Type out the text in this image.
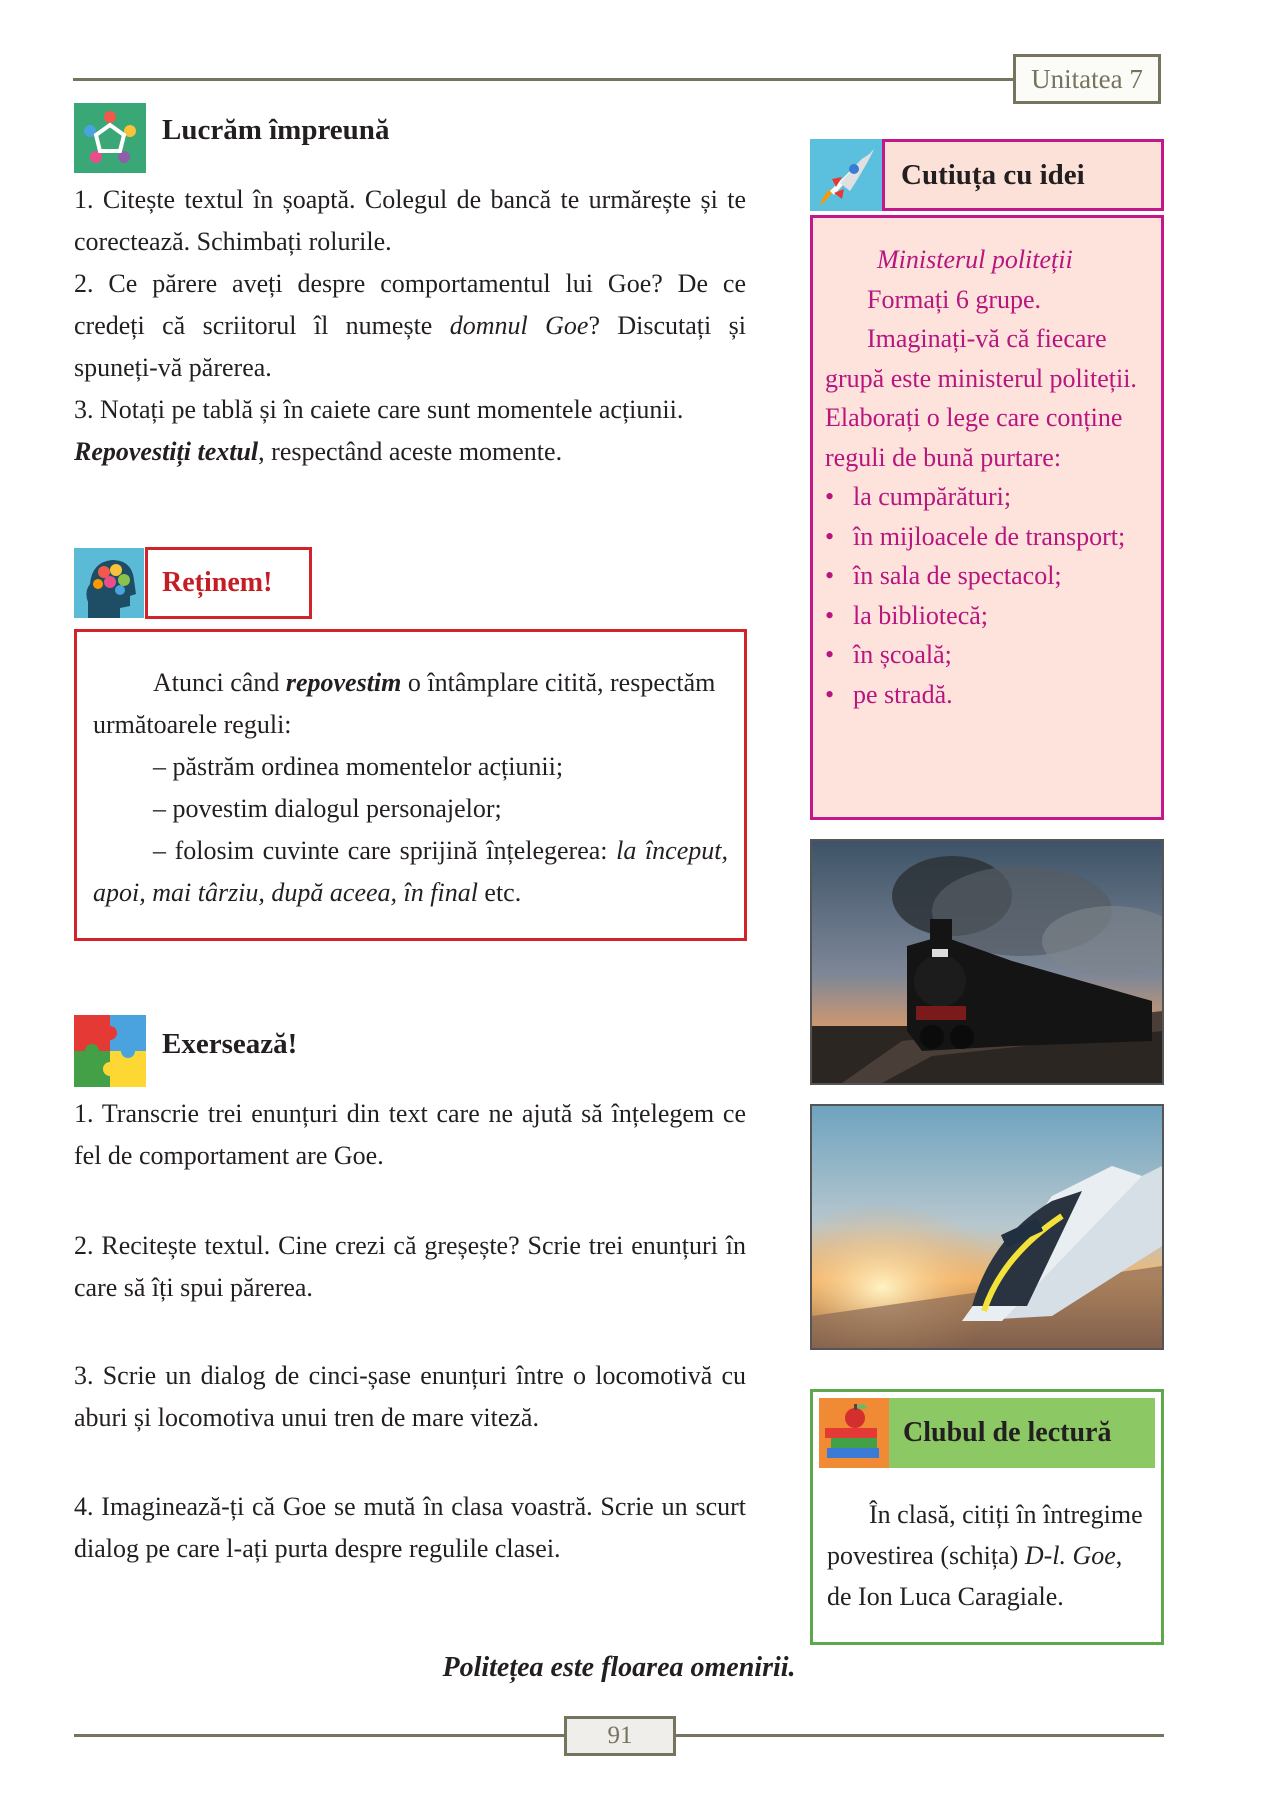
Unitatea 7
Lucrăm împreună

1. Citește textul în șoaptă. Colegul de bancă te urmărește și te corectează. Schimbați rolurile.

2. Ce părere aveți despre comportamentul lui Goe? De ce credeți că scriitorul îl numește domnul Goe? Discutați și spuneți-vă părerea.

3. Notați pe tablă și în caiete care sunt momentele acțiunii.

Repovestiți textul, respectând aceste momente.

Reținem!
Atunci când repovestim o întâmplare citită, respectăm următoarele reguli:
– păstrăm ordinea momentelor acțiunii;
– povestim dialogul personajelor;
– folosim cuvinte care sprijină înțelegerea: la început, apoi, mai târziu, după aceea, în final etc.
Exersează!
1. Transcrie trei enunțuri din text care ne ajută să înțelegem ce fel de comportament are Goe.
2. Recitește textul. Cine crezi că greșește? Scrie trei enunțuri în care să îți spui părerea.
3. Scrie un dialog de cinci-șase enunțuri între o locomotivă cu aburi și locomotiva unui tren de mare viteză.
4. Imaginează-ți că Goe se mută în clasa voastră. Scrie un scurt dialog pe care l-ați purta despre regulile clasei.
Cutiuța cu idei
Ministerul politeții
Formați 6 grupe.
Imaginați-vă că fiecare grupă este ministerul politeții. Elaborați o lege care conține reguli de bună purtare:
• la cumpărături;
• în mijloacele de transport;
• în sala de spectacol;
• la bibliotecă;
• în școală;
• pe stradă.
Clubul de lectură
În clasă, citiți în întregime povestirea (schița) D-l. Goe, de Ion Luca Caragiale.
Politețea este floarea omenirii.
91
